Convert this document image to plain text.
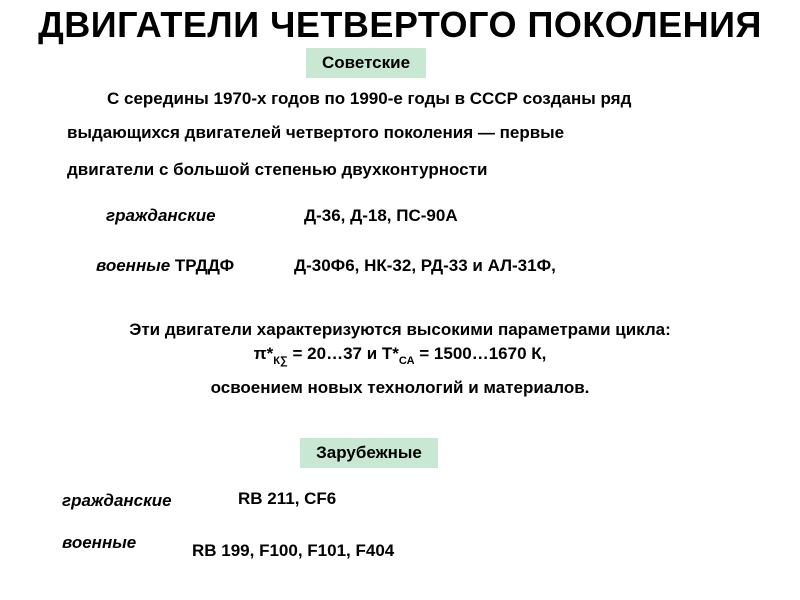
ДВИГАТЕЛИ ЧЕТВЕРТОГО ПОКОЛЕНИЯ
Советские
С середины 1970-х годов по 1990-е годы в СССР созданы ряд
выдающихся двигателей четвертого поколения — первые
двигатели с большой степенью двухконтурности
гражданские	Д-36, Д-18, ПС-90А
военные ТРДДФ	Д-30Ф6, НК-32, РД-33 и АЛ-31Ф,
Эти двигатели характеризуются высокими параметрами цикла:
$\pi*_{К\sum}$ = 20…37 и $Т*_{СА}$ = 1500…1670 К,
освоением новых технологий и материалов.
Зарубежные
гражданские	RB 211, CF6
военные	RB 199, F100, F101, F404
